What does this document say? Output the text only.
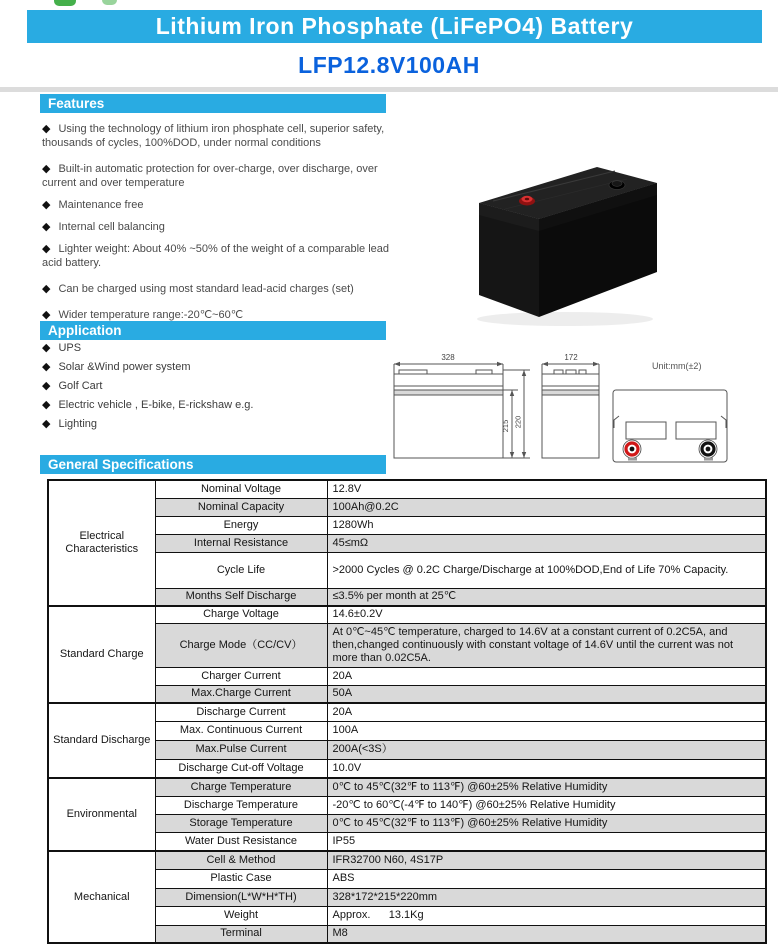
Lithium Iron Phosphate (LiFePO4) Battery
LFP12.8V100AH
Features
◆ Using the technology of lithium iron phosphate cell, superior safety, thousands of cycles, 100%DOD, under normal conditions
◆ Built-in automatic protection for over-charge, over discharge, over current and over temperature
◆ Maintenance free
◆ Internal cell balancing
◆ Lighter weight: About 40% ~50% of the weight of a comparable lead acid battery.
◆ Can be charged using most standard lead-acid charges (set)
◆ Wider temperature range:-20℃~60℃
Application
◆ UPS
◆ Solar &Wind power system
◆ Golf Cart
◆ Electric vehicle , E-bike, E-rickshaw e.g.
◆ Lighting
328
215 220
172
Unit:mm(±2)
General Specifications
Electrical Characteristics	Nominal Voltage	12.8V
	Nominal Capacity	100Ah@0.2C
	Energy	1280Wh
	Internal Resistance	45≤mΩ
	Cycle Life	>2000 Cycles @ 0.2C Charge/Discharge at 100%DOD,End of Life 70% Capacity.
	Months Self Discharge	≤3.5% per month at 25℃
Standard Charge	Charge Voltage	14.6±0.2V
	Charge Mode（CC/CV）	At 0℃~45℃ temperature, charged to 14.6V at a constant current of 0.2C5A, and then,changed continuously with constant voltage of 14.6V until the current was not more than 0.02C5A.
	Charger Current	20A
	Max.Charge Current	50A
Standard Discharge	Discharge Current	20A
	Max. Continuous Current	100A
	Max.Pulse Current	200A(<3S）
	Discharge Cut-off Voltage	10.0V
Environmental	Charge Temperature	0℃ to 45℃(32℉ to 113℉) @60±25% Relative Humidity
	Discharge Temperature	-20℃ to 60℃(-4℉ to 140℉) @60±25% Relative Humidity
	Storage Temperature	0℃ to 45℃(32℉ to 113℉) @60±25% Relative Humidity
	Water Dust Resistance	IP55
Mechanical	Cell & Method	IFR32700 N60, 4S17P
	Plastic Case	ABS
	Dimension(L*W*H*TH)	328*172*215*220mm
	Weight	Approx.      13.1Kg
	Terminal	M8
